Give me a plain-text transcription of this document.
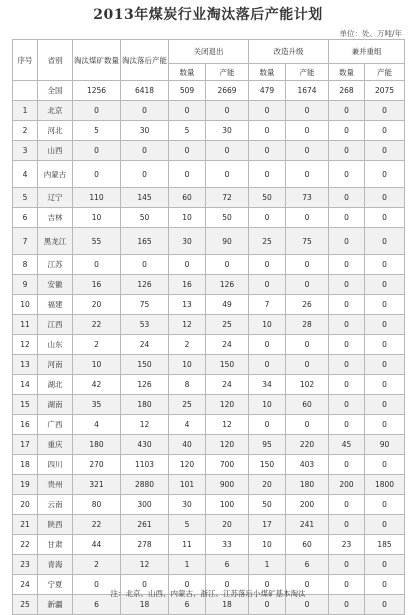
2013年煤炭行业淘汰落后产能计划
单位：处、万吨/年
序号	省别	淘汰煤矿数量	淘汰落后产能	关闭退出		改造升级		兼并重组	
				数量	产能	数量	产能	数量	产能
	全国	1256	6418	509	2669	479	1674	268	2075
1	北京	0	0	0	0	0	0	0	0
2	河北	5	30	5	30	0	0	0	0
3	山西	0	0	0	0	0	0	0	0
4	内蒙古	0	0	0	0	0	0	0	0
5	辽宁	110	145	60	72	50	73	0	0
6	吉林	10	50	10	50	0	0	0	0
7	黑龙江	55	165	30	90	25	75	0	0
8	江苏	0	0	0	0	0	0	0	0
9	安徽	16	126	16	126	0	0	0	0
10	福建	20	75	13	49	7	26	0	0
11	江西	22	53	12	25	10	28	0	0
12	山东	2	24	2	24	0	0	0	0
13	河南	10	150	10	150	0	0	0	0
14	湖北	42	126	8	24	34	102	0	0
15	湖南	35	180	25	120	10	60	0	0
16	广西	4	12	4	12	0	0	0	0
17	重庆	180	430	40	120	95	220	45	90
18	四川	270	1103	120	700	150	403	0	0
19	贵州	321	2880	101	900	20	180	200	1800
20	云南	80	300	30	100	50	200	0	0
21	陕西	22	261	5	20	17	241	0	0
22	甘肃	44	278	11	33	10	60	23	185
23	青海	2	12	1	6	1	6	0	0
24	宁夏	0	0	0	0	0	0	0	0
25	新疆	6	18	6	18	0	0	0	0
注：北京、山西、内蒙古、浙江、江苏落后小煤矿基本淘汰
